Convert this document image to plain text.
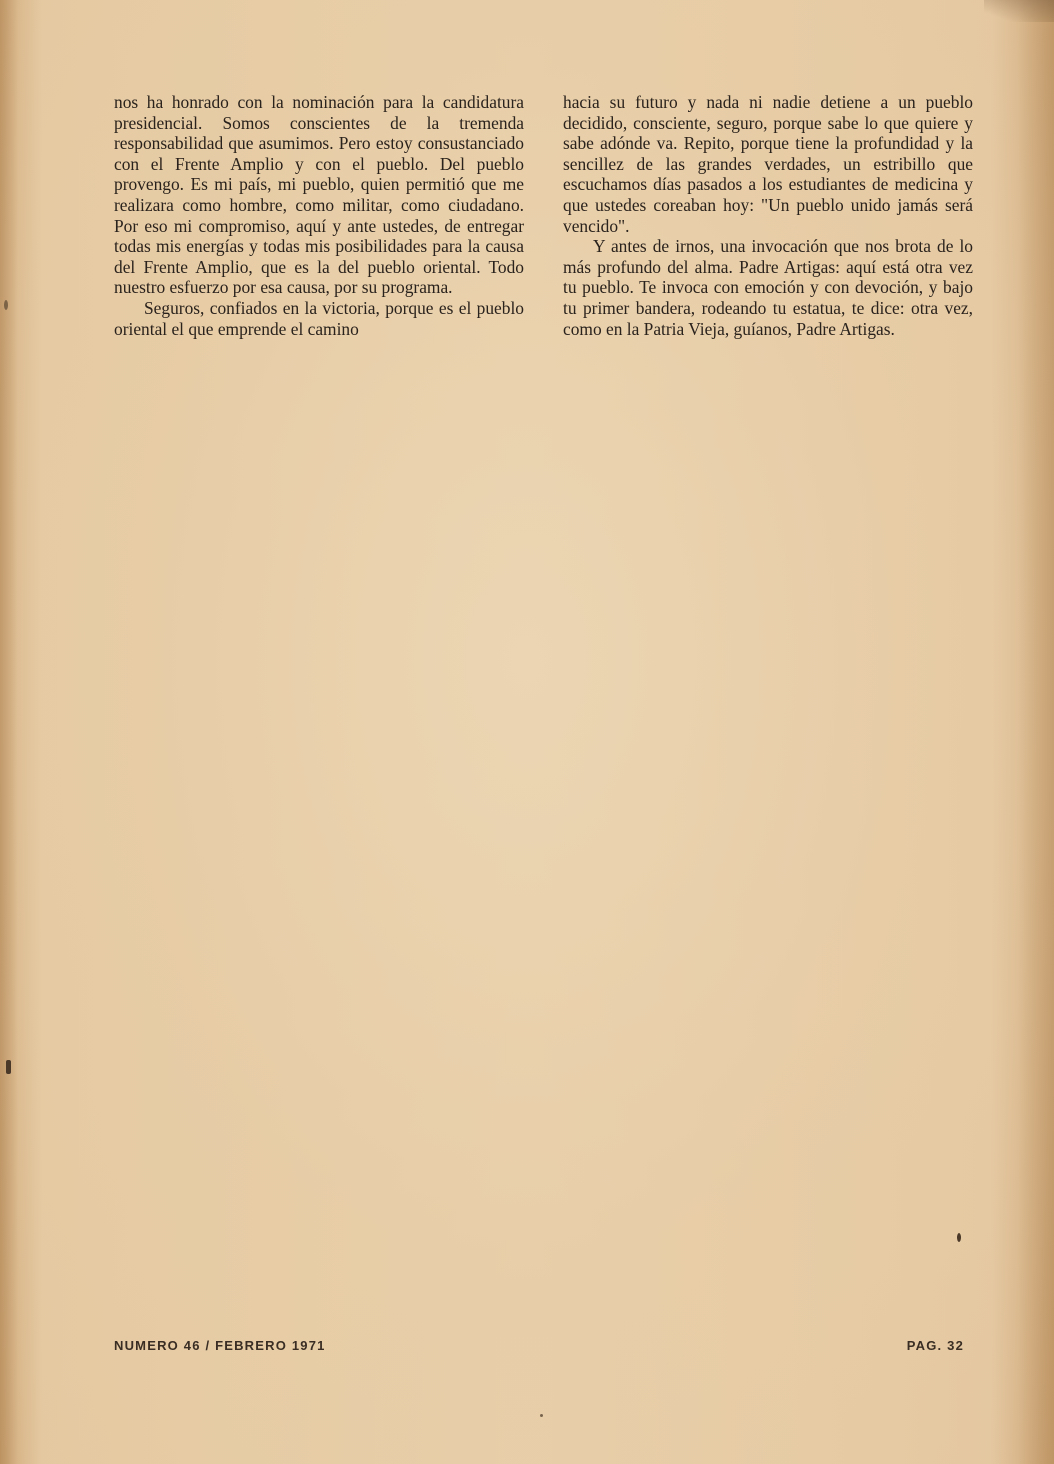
nos ha honrado con la nominación para la candidatura presidencial. Somos conscientes de la tremenda responsabilidad que asumimos. Pero estoy consustanciado con el Frente Amplio y con el pueblo. Del pueblo provengo. Es mi país, mi pueblo, quien permitió que me realizara como hombre, como militar, como ciudadano. Por eso mi compromiso, aquí y ante ustedes, de entregar todas mis energías y todas mis posibilidades para la causa del Frente Amplio, que es la del pueblo oriental. Todo nuestro esfuerzo por esa causa, por su programa.

Seguros, confiados en la victoria, porque es el pueblo oriental el que emprende el camino

hacia su futuro y nada ni nadie detiene a un pueblo decidido, consciente, seguro, porque sabe lo que quiere y sabe adónde va. Repito, porque tiene la profundidad y la sencillez de las grandes verdades, un estribillo que escuchamos días pasados a los estudiantes de medicina y que ustedes coreaban hoy: "Un pueblo unido jamás será vencido".

Y antes de irnos, una invocación que nos brota de lo más profundo del alma. Padre Artigas: aquí está otra vez tu pueblo. Te invoca con emoción y con devoción, y bajo tu primer bandera, rodeando tu estatua, te dice: otra vez, como en la Patria Vieja, guíanos, Padre Artigas.

NUMERO 46 / FEBRERO 1971	PAG. 32
